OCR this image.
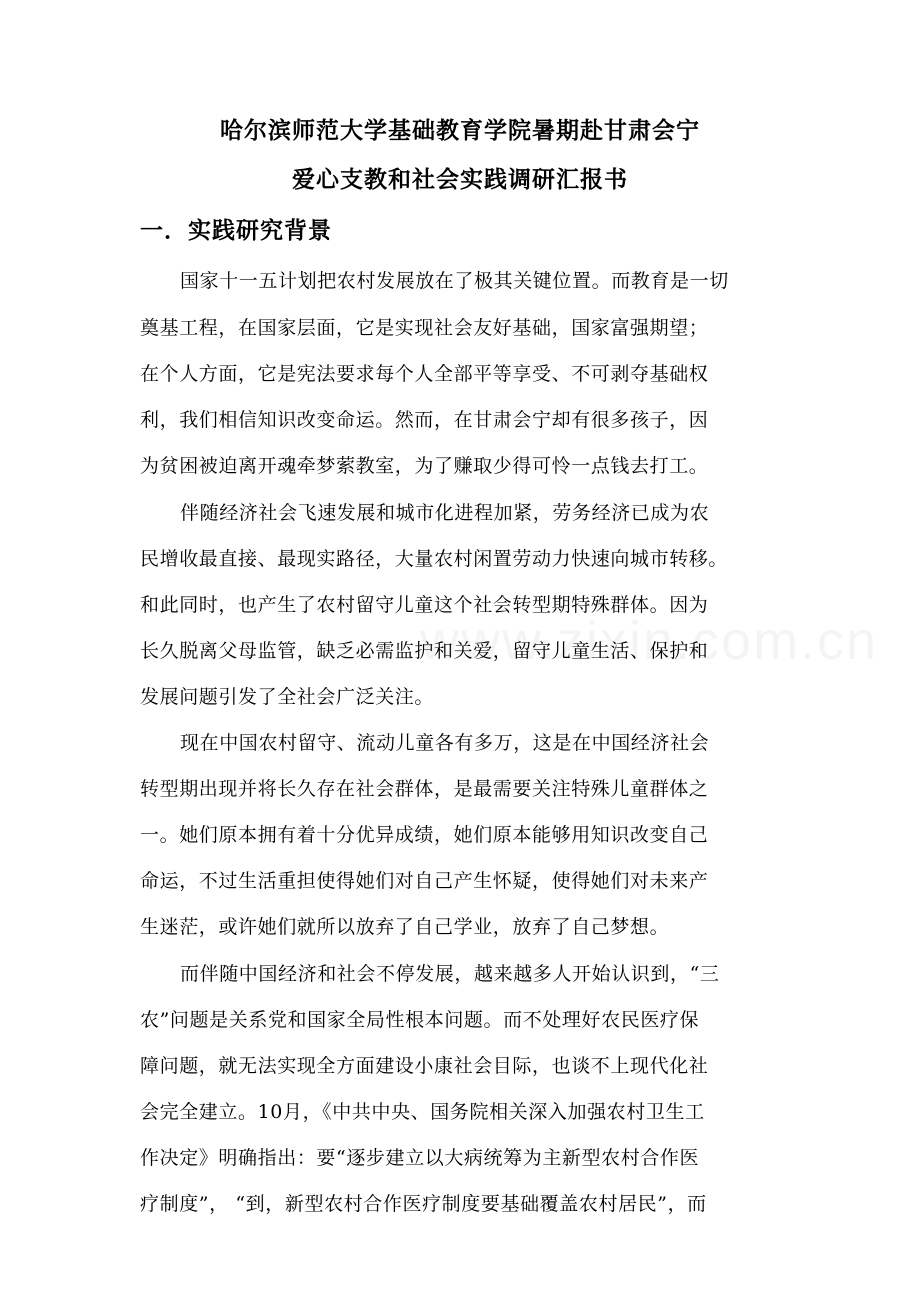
哈尔滨师范大学基础教育学院暑期赴甘肃会宁
爱心支教和社会实践调研汇报书
一．实践研究背景
国家十一五计划把农村发展放在了极其关键位置。而教育是一切
奠基工程，在国家层面，它是实现社会友好基础，国家富强期望；
在个人方面，它是宪法要求每个人全部平等享受、不可剥夺基础权
利，我们相信知识改变命运。然而，在甘肃会宁却有很多孩子，因
为贫困被迫离开魂牵梦萦教室，为了赚取少得可怜一点钱去打工。
伴随经济社会飞速发展和城市化进程加紧，劳务经济已成为农
民增收最直接、最现实路径，大量农村闲置劳动力快速向城市转移。
和此同时，也产生了农村留守儿童这个社会转型期特殊群体。因为
长久脱离父母监管，缺乏必需监护和关爱，留守儿童生活、保护和
发展问题引发了全社会广泛关注。
现在中国农村留守、流动儿童各有多万，这是在中国经济社会
转型期出现并将长久存在社会群体，是最需要关注特殊儿童群体之
一。她们原本拥有着十分优异成绩，她们原本能够用知识改变自己
命运，不过生活重担使得她们对自己产生怀疑，使得她们对未来产
生迷茫，或许她们就所以放弃了自己学业，放弃了自己梦想。
而伴随中国经济和社会不停发展，越来越多人开始认识到，“三
农”问题是关系党和国家全局性根本问题。而不处理好农民医疗保
障问题，就无法实现全方面建设小康社会目际，也谈不上现代化社
会完全建立。10月，《中共中央、国务院相关深入加强农村卫生工
作决定》明确指出：要“逐步建立以大病统筹为主新型农村合作医
疗制度”， “到，新型农村合作医疗制度要基础覆盖农村居民”，而
